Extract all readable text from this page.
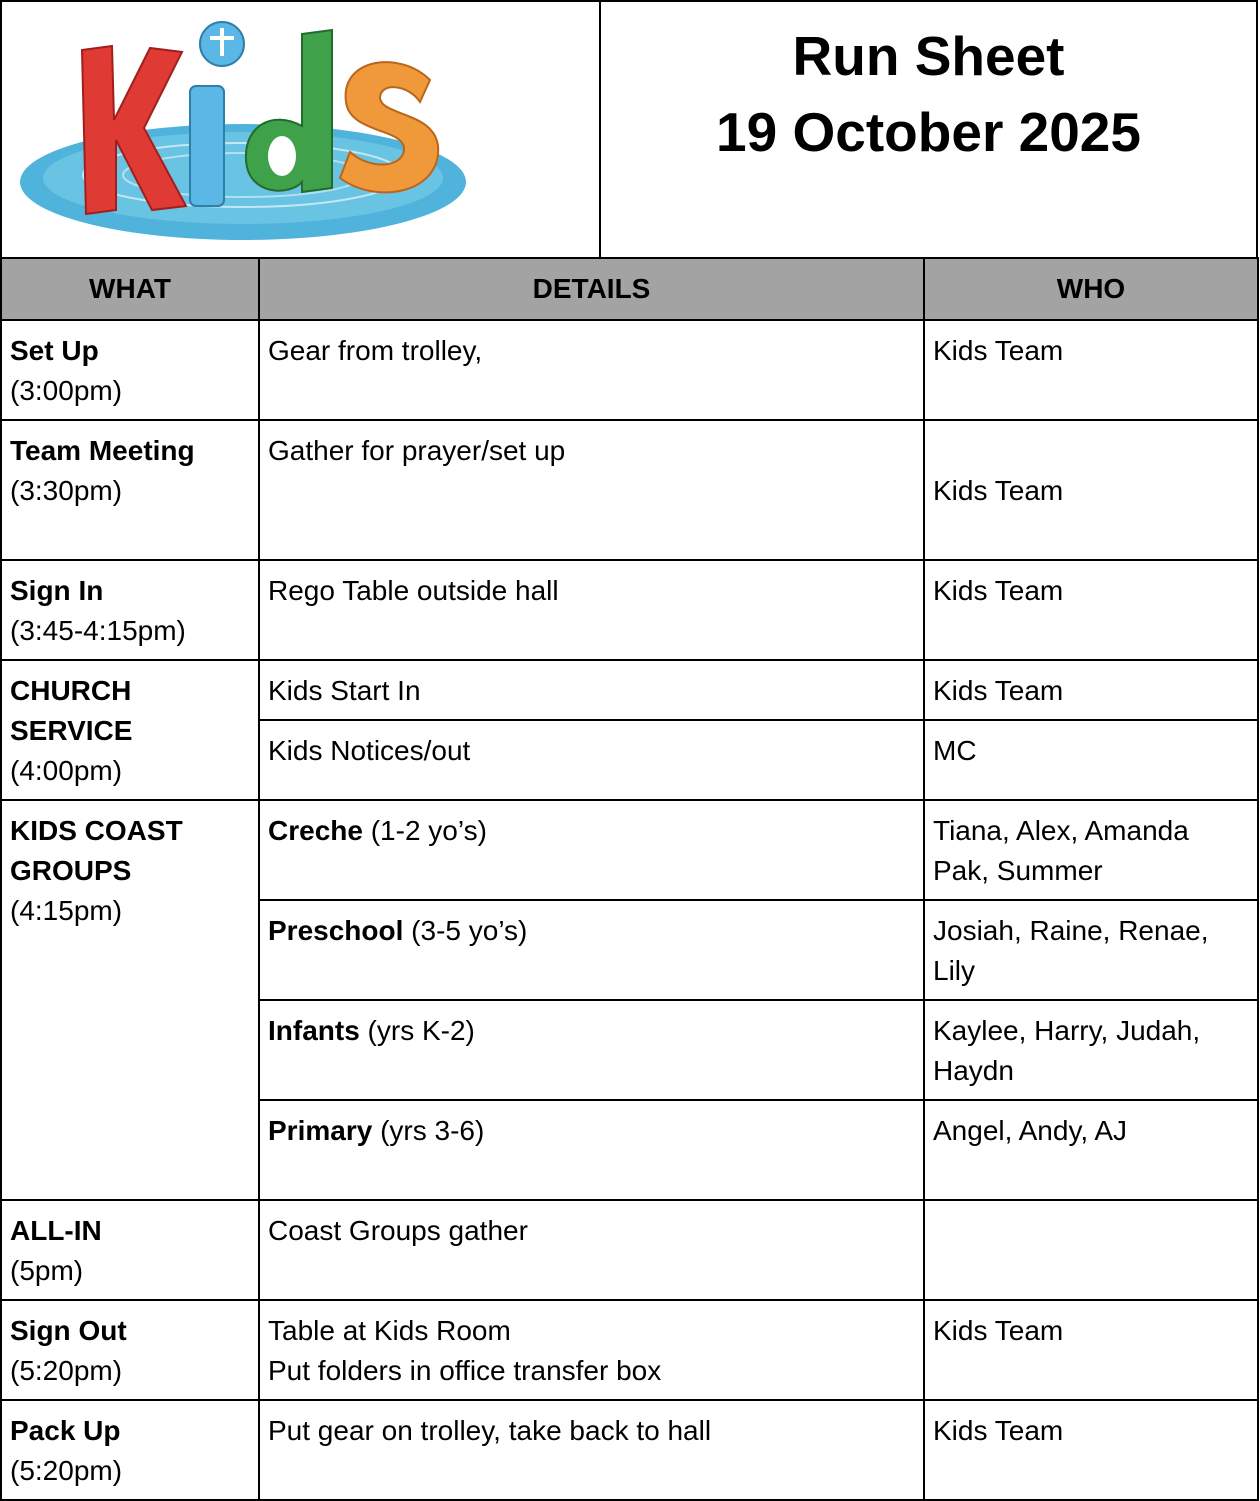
Run Sheet
19 October 2025
WHAT	DETAILS	WHO

Set Up
(3:00pm)	Gear from trolley,	Kids Team

Team Meeting
(3:30pm)	Gather for prayer/set up	Kids Team

Sign In
(3:45-4:15pm)	Rego Table outside hall	Kids Team

CHURCH
SERVICE
(4:00pm)	Kids Start In	Kids Team
	Kids Notices/out	MC

KIDS COAST
GROUPS
(4:15pm)	Creche (1-2 yo’s)	Tiana, Alex, Amanda Pak, Summer
	Preschool (3-5 yo’s)	Josiah, Raine, Renae, Lily
	Infants (yrs K-2)	Kaylee, Harry, Judah, Haydn
	Primary (yrs 3-6)	Angel, Andy, AJ

ALL-IN
(5pm)	Coast Groups gather	

Sign Out
(5:20pm)	Table at Kids Room
Put folders in office transfer box	Kids Team

Pack Up
(5:20pm)	Put gear on trolley, take back to hall	Kids Team
